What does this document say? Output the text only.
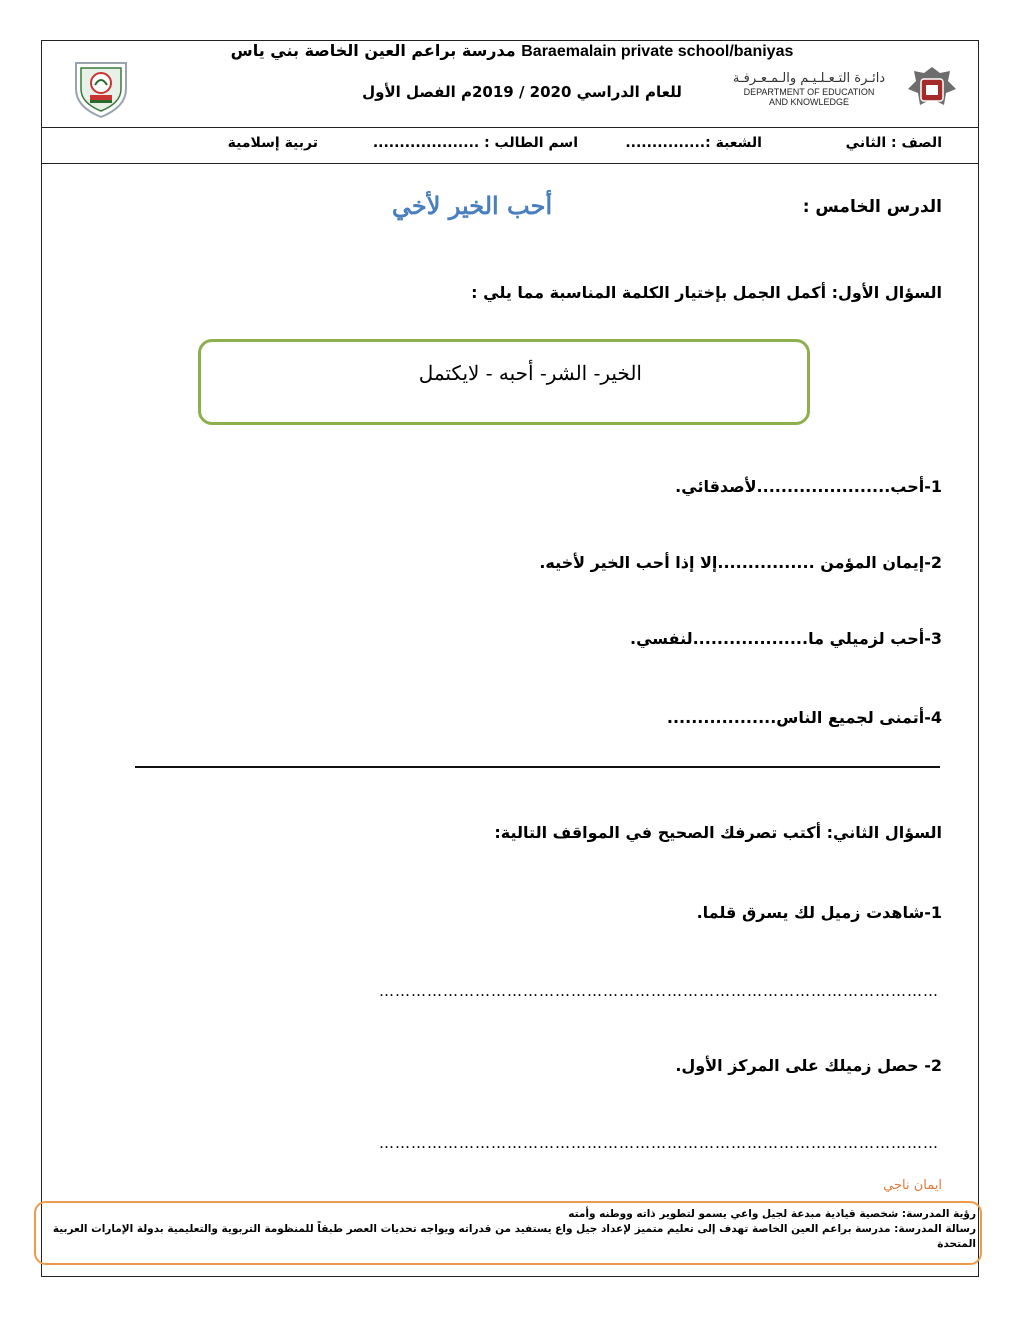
Baraemalain private school/baniyas مدرسة براعم العين الخاصة بني ياس
للعام الدراسي 2020 / 2019م الفصل الأول
دائـرة التـعـلـيـم والـمـعـرفـة
DEPARTMENT OF EDUCATION
AND KNOWLEDGE
الصف : الثاني
الشعبة :...............
اسم الطالب : ....................
تربية إسلامية
الدرس الخامس :
أحب الخير لأخي
السؤال الأول: أكمل الجمل بإختيار الكلمة المناسبة مما يلي :
الخير- الشر- أحبه - لايكتمل
1-أحب......................لأصدقائي.
2-إيمان المؤمن ................إلا إذا أحب الخير لأخيه.
3-أحب لزميلي ما...................لنفسي.
4-أتمنى لجميع الناس..................
السؤال الثاني: أكتب تصرفك الصحيح في المواقف التالية:
1-شاهدت زميل لك يسرق قلما.
……………………………………………………………………………………………
2- حصل زميلك على المركز الأول.
……………………………………………………………………………………………
ايمان ناجي
رؤية المدرسة: شخصية قيادية مبدعة لجيل واعي يسمو لتطوير ذاته ووطنه وأمته
رسالة المدرسة: مدرسة براعم العين الخاصة تهدف إلى تعليم متميز لإعداد جيل واع يستفيد من قدراته ويواجه تحديات العصر طبقاً للمنظومة التربوية والتعليمية بدولة الإمارات العربية المتحدة
